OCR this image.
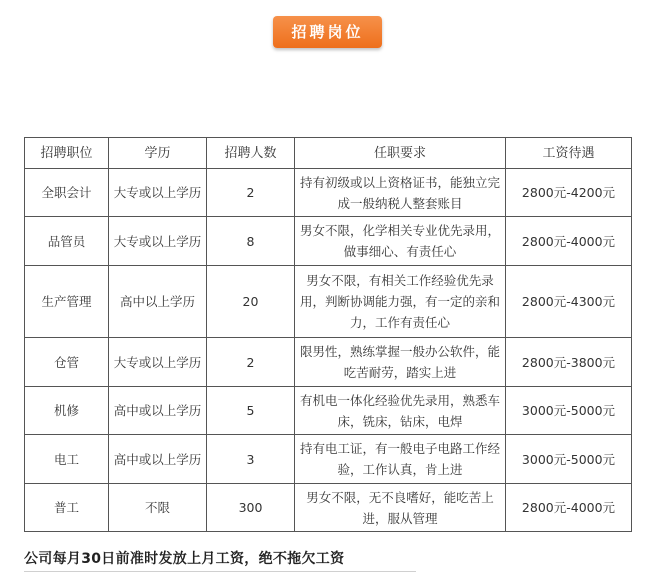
招聘岗位
招聘职位	学历	招聘人数	任职要求	工资待遇
全职会计	大专或以上学历	2	持有初级或以上资格证书，能独立完成一般纳税人整套账目	2800元-4200元
品管员	大专或以上学历	8	男女不限，化学相关专业优先录用，做事细心、有责任心	2800元-4000元
生产管理	高中以上学历	20	男女不限，有相关工作经验优先录用，判断协调能力强，有一定的亲和力，工作有责任心	2800元-4300元
仓管	大专或以上学历	2	限男性，熟练掌握一般办公软件，能吃苦耐劳，踏实上进	2800元-3800元
机修	高中或以上学历	5	有机电一体化经验优先录用，熟悉车床，铣床，钻床，电焊	3000元-5000元
电工	高中或以上学历	3	持有电工证，有一般电子电路工作经验，工作认真，肯上进	3000元-5000元
普工	不限	300	男女不限，无不良嗜好，能吃苦上进，服从管理	2800元-4000元
公司每月30日前准时发放上月工资，绝不拖欠工资
